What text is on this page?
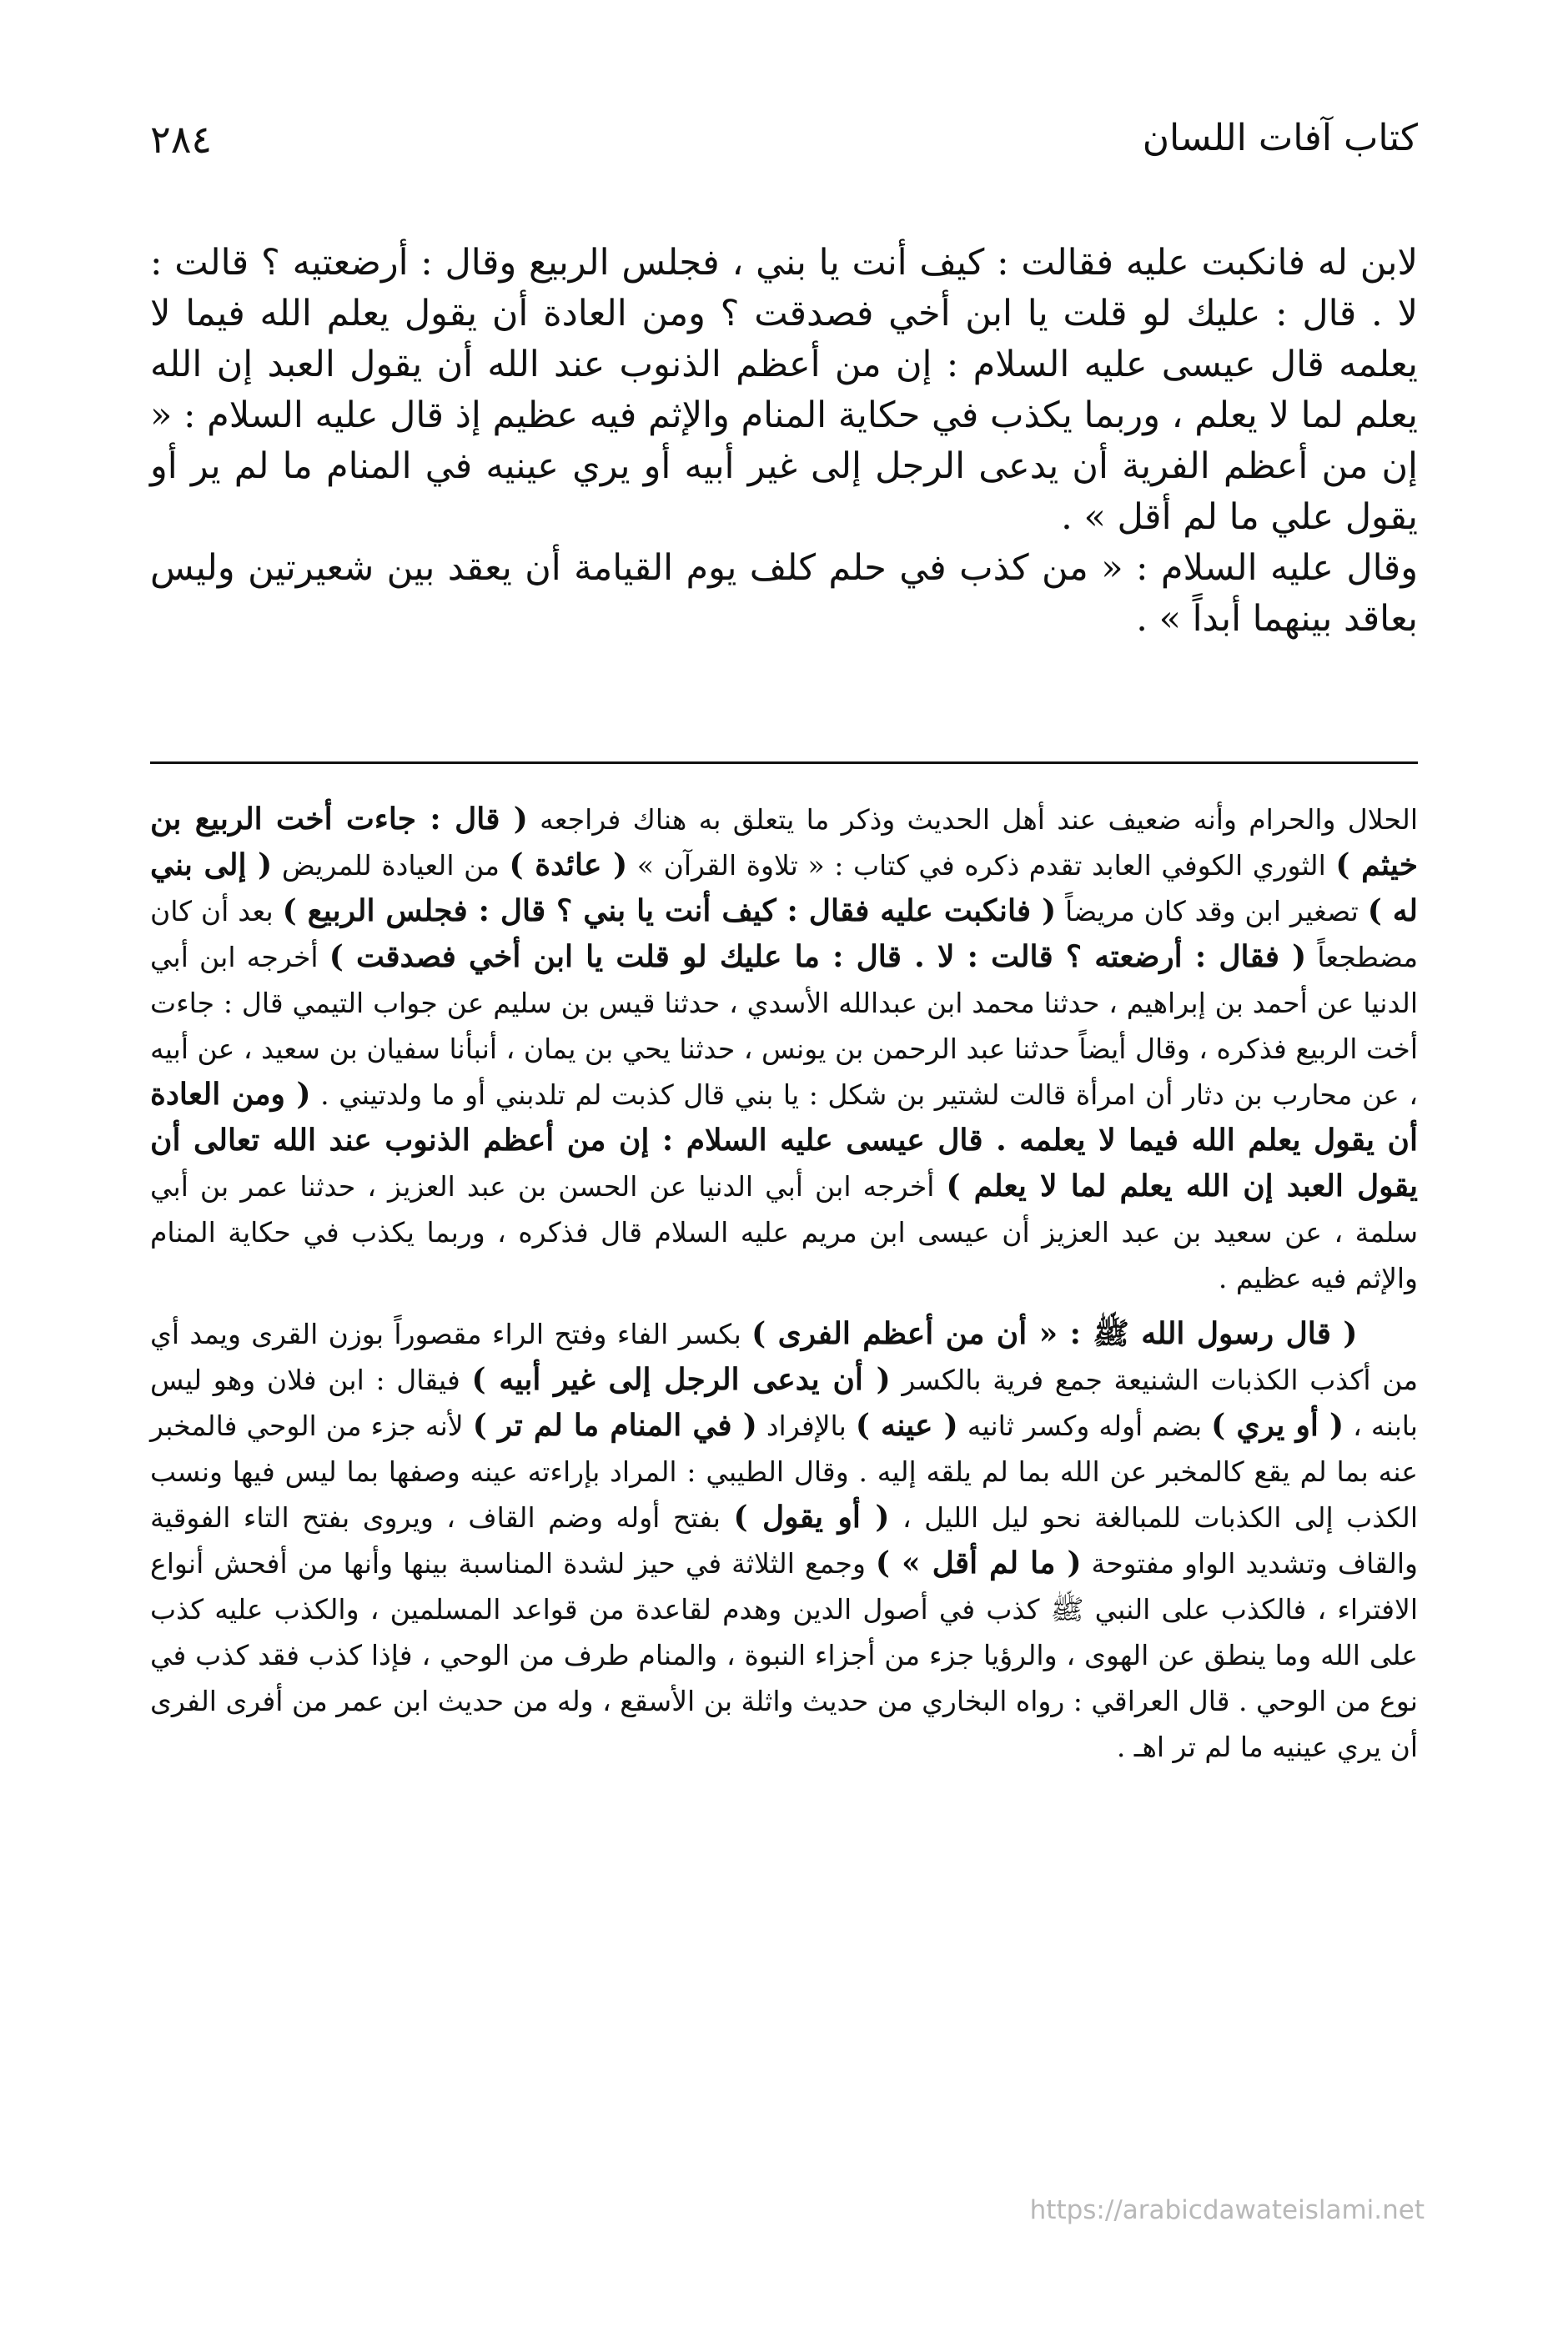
كتاب آفات اللسان
٢٨٤

لابن له فانكبت عليه فقالت : كيف أنت يا بني ، فجلس الربيع وقال : أرضعتيه ؟ قالت : لا . قال : عليك لو قلت يا ابن أخي فصدقت ؟ ومن العادة أن يقول يعلم الله فيما لا يعلمه قال عيسى عليه السلام : إن من أعظم الذنوب عند الله أن يقول العبد إن الله يعلم لما لا يعلم ، وربما يكذب في حكاية المنام والإثم فيه عظيم إذ قال عليه السلام : « إن من أعظم الفرية أن يدعى الرجل إلى غير أبيه أو يري عينيه في المنام ما لم ير أو يقول علي ما لم أقل » .

وقال عليه السلام : « من كذب في حلم كلف يوم القيامة أن يعقد بين شعيرتين وليس بعاقد بينهما أبداً » .

الحلال والحرام وأنه ضعيف عند أهل الحديث وذكر ما يتعلق به هناك فراجعه ( قال : جاءت أخت الربيع بن خيثم ) الثوري الكوفي العابد تقدم ذكره في كتاب : « تلاوة القرآن » ( عائدة ) من العيادة للمريض ( إلى بني له ) تصغير ابن وقد كان مريضاً ( فانكبت عليه فقال : كيف أنت يا بني ؟ قال : فجلس الربيع ) بعد أن كان مضطجعاً ( فقال : أرضعته ؟ قالت : لا . قال : ما عليك لو قلت يا ابن أخي فصدقت ) أخرجه ابن أبي الدنيا عن أحمد بن إبراهيم ، حدثنا محمد ابن عبدالله الأسدي ، حدثنا قيس بن سليم عن جواب التيمي قال : جاءت أخت الربيع فذكره ، وقال أيضاً حدثنا عبد الرحمن بن يونس ، حدثنا يحي بن يمان ، أنبأنا سفيان بن سعيد ، عن أبيه ، عن محارب بن دثار أن امرأة قالت لشتير بن شكل : يا بني قال كذبت لم تلدبني أو ما ولدتيني . ( ومن العادة أن يقول يعلم الله فيما لا يعلمه . قال عيسى عليه السلام : إن من أعظم الذنوب عند الله تعالى أن يقول العبد إن الله يعلم لما لا يعلم ) أخرجه ابن أبي الدنيا عن الحسن بن عبد العزيز ، حدثنا عمر بن أبي سلمة ، عن سعيد بن عبد العزيز أن عيسى ابن مريم عليه السلام قال فذكره ، وربما يكذب في حكاية المنام والإثم فيه عظيم .

( قال رسول الله ﷺ : « أن من أعظم الفرى ) بكسر الفاء وفتح الراء مقصوراً بوزن القرى ويمد أي من أكذب الكذبات الشنيعة جمع فرية بالكسر ( أن يدعى الرجل إلى غير أبيه ) فيقال : ابن فلان وهو ليس بابنه ، ( أو يري ) بضم أوله وكسر ثانيه ( عينه ) بالإفراد ( في المنام ما لم تر ) لأنه جزء من الوحي فالمخبر عنه بما لم يقع كالمخبر عن الله بما لم يلقه إليه . وقال الطيبي : المراد بإراءته عينه وصفها بما ليس فيها ونسب الكذب إلى الكذبات للمبالغة نحو ليل الليل ، ( أو يقول ) بفتح أوله وضم القاف ، ويروى بفتح التاء الفوقية والقاف وتشديد الواو مفتوحة ( ما لم أقل » ) وجمع الثلاثة في حيز لشدة المناسبة بينها وأنها من أفحش أنواع الافتراء ، فالكذب على النبي ﷺ كذب في أصول الدين وهدم لقاعدة من قواعد المسلمين ، والكذب عليه كذب على الله وما ينطق عن الهوى ، والرؤيا جزء من أجزاء النبوة ، والمنام طرف من الوحي ، فإذا كذب فقد كذب في نوع من الوحي . قال العراقي : رواه البخاري من حديث واثلة بن الأسقع ، وله من حديث ابن عمر من أفرى الفرى أن يري عينيه ما لم تر اهـ .

https://arabicdawateislami.net
